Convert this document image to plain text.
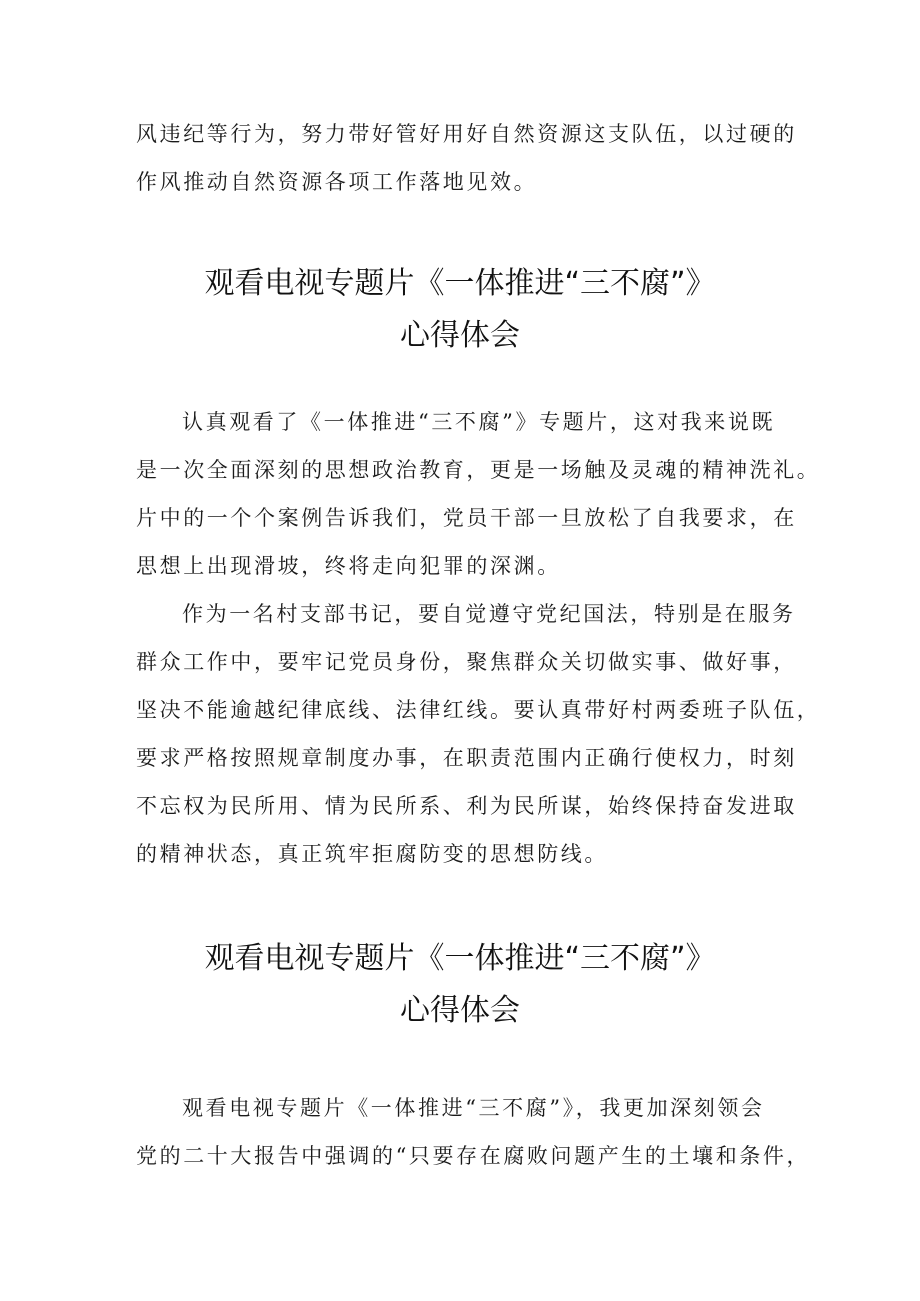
风违纪等行为，努力带好管好用好自然资源这支队伍，以过硬的
作风推动自然资源各项工作落地见效。
观看电视专题片《一体推进“三不腐”》
心得体会
认真观看了《一体推进“三不腐”》专题片，这对我来说既
是一次全面深刻的思想政治教育，更是一场触及灵魂的精神洗礼。
片中的一个个案例告诉我们，党员干部一旦放松了自我要求，在
思想上出现滑坡，终将走向犯罪的深渊。
作为一名村支部书记，要自觉遵守党纪国法，特别是在服务
群众工作中，要牢记党员身份，聚焦群众关切做实事、做好事，
坚决不能逾越纪律底线、法律红线。要认真带好村两委班子队伍，
要求严格按照规章制度办事，在职责范围内正确行使权力，时刻
不忘权为民所用、情为民所系、利为民所谋，始终保持奋发进取
的精神状态，真正筑牢拒腐防变的思想防线。
观看电视专题片《一体推进“三不腐”》
心得体会
观看电视专题片《一体推进“三不腐”》，我更加深刻领会
党的二十大报告中强调的“只要存在腐败问题产生的土壤和条件，
